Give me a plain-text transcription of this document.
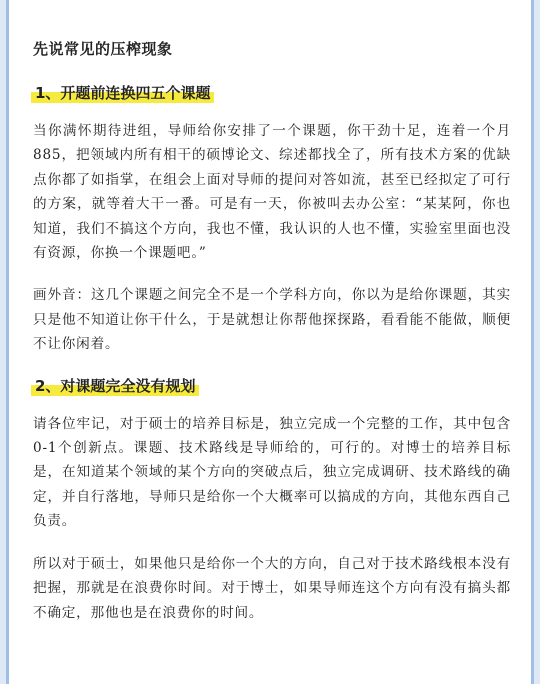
先说常见的压榨现象
1、开题前连换四五个课题

当你满怀期待进组，导师给你安排了一个课题，你干劲十足，连着一个月885，把领域内所有相干的硕博论文、综述都找全了，所有技术方案的优缺点你都了如指掌，在组会上面对导师的提问对答如流，甚至已经拟定了可行的方案，就等着大干一番。可是有一天，你被叫去办公室：“某某阿，你也知道，我们不搞这个方向，我也不懂，我认识的人也不懂，实验室里面也没有资源，你换一个课题吧。”

画外音：这几个课题之间完全不是一个学科方向，你以为是给你课题，其实只是他不知道让你干什么，于是就想让你帮他探探路，看看能不能做，顺便不让你闲着。

2、对课题完全没有规划

请各位牢记，对于硕士的培养目标是，独立完成一个完整的工作，其中包含0-1个创新点。课题、技术路线是导师给的，可行的。对博士的培养目标是，在知道某个领域的某个方向的突破点后，独立完成调研、技术路线的确定，并自行落地，导师只是给你一个大概率可以搞成的方向，其他东西自己负责。

所以对于硕士，如果他只是给你一个大的方向，自己对于技术路线根本没有把握，那就是在浪费你时间。对于博士，如果导师连这个方向有没有搞头都不确定，那他也是在浪费你的时间。
